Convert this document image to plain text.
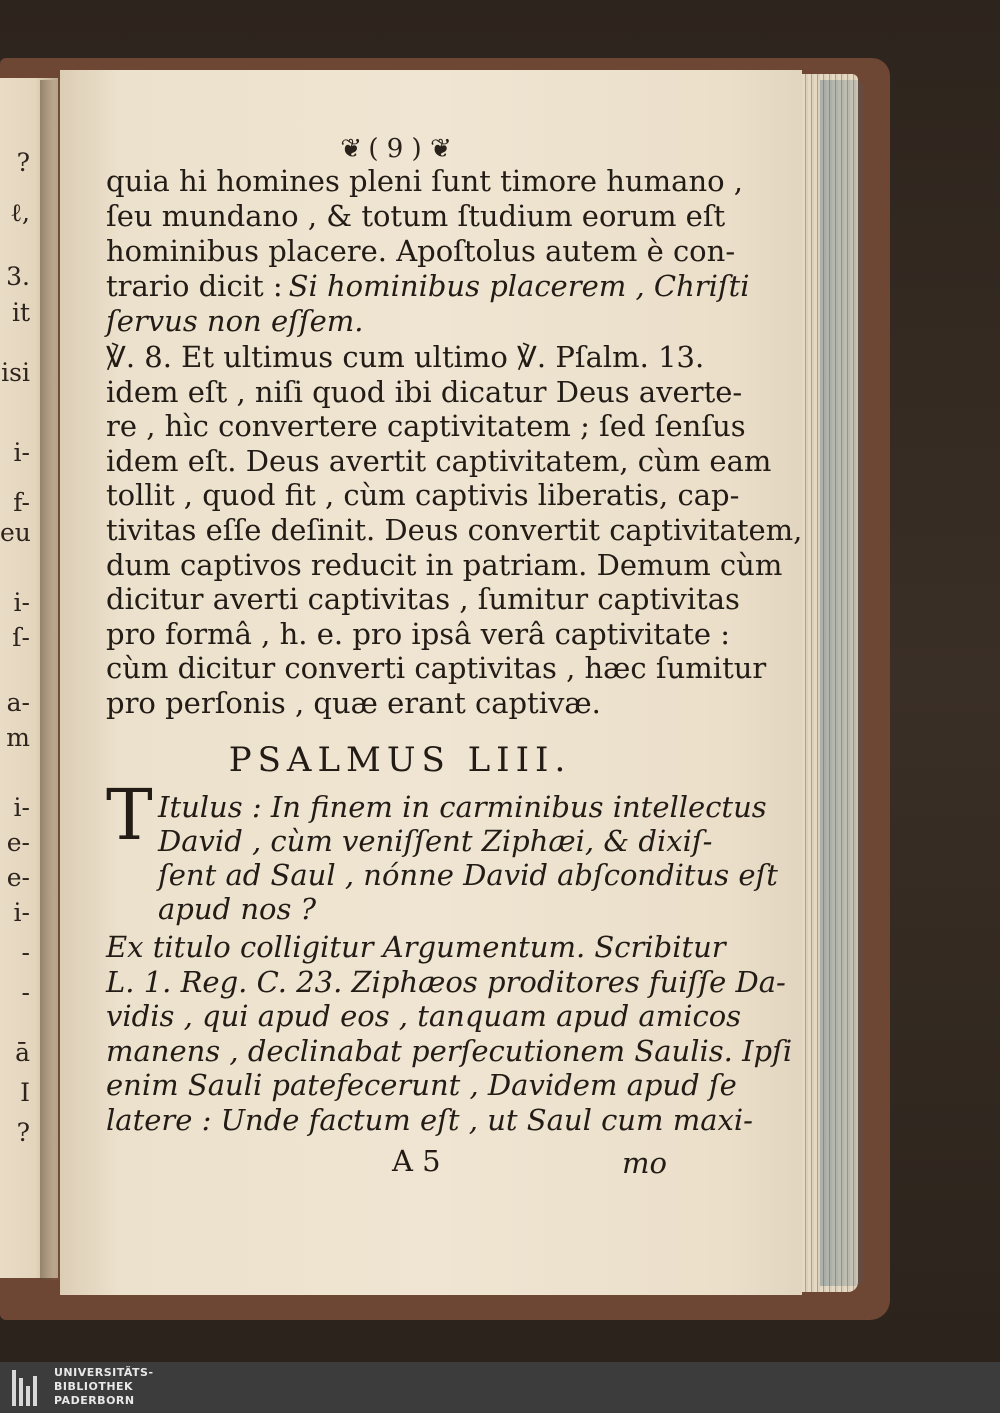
?
ℓ,
3.
it
isi
i-
f-
eu
i-
ſ-
a-
m
i-
e-
e-
i-
-
-
ā
I
?
❦ ( 9 ) ❦
quia hi homines pleni ſunt timore humano ,
ſeu mundano , & totum ſtudium eorum eſt
hominibus placere. Apoſtolus autem è con-
trario dicit : Si hominibus placerem , Chriſti
ſervus non eſſem.
℣. 8. Et ultimus cum ultimo ℣. Pſalm. 13.
idem eſt , niſi quod ibi dicatur Deus averte-
re , hìc convertere captivitatem ; ſed ſenſus
idem eſt. Deus avertit captivitatem, cùm eam
tollit , quod fit , cùm captivis liberatis, cap-
tivitas eſſe deſinit. Deus convertit captivitatem,
dum captivos reducit in patriam. Demum cùm
dicitur averti captivitas , ſumitur captivitas
pro formâ , h. e. pro ipsâ verâ captivitate :
cùm dicitur converti captivitas , hæc ſumitur
pro perſonis , quæ erant captivæ.
PSALMUS LIII.
T Itulus : In finem in carminibus intellectus
David , cùm veniſſent Ziphæi, & dixiſ-
ſent ad Saul , nónne David abſconditus eſt
apud nos ?
Ex titulo colligitur Argumentum. Scribitur
L. 1. Reg. C. 23. Ziphæos proditores fuiſſe Da-
vidis , qui apud eos , tanquam apud amicos
manens , declinabat perſecutionem Saulis. Ipſi
enim Sauli patefecerunt , Davidem apud ſe
latere : Unde factum eſt , ut Saul cum maxi-
A 5	mo
UNIVERSITÄTS-
BIBLIOTHEK
PADERBORN
